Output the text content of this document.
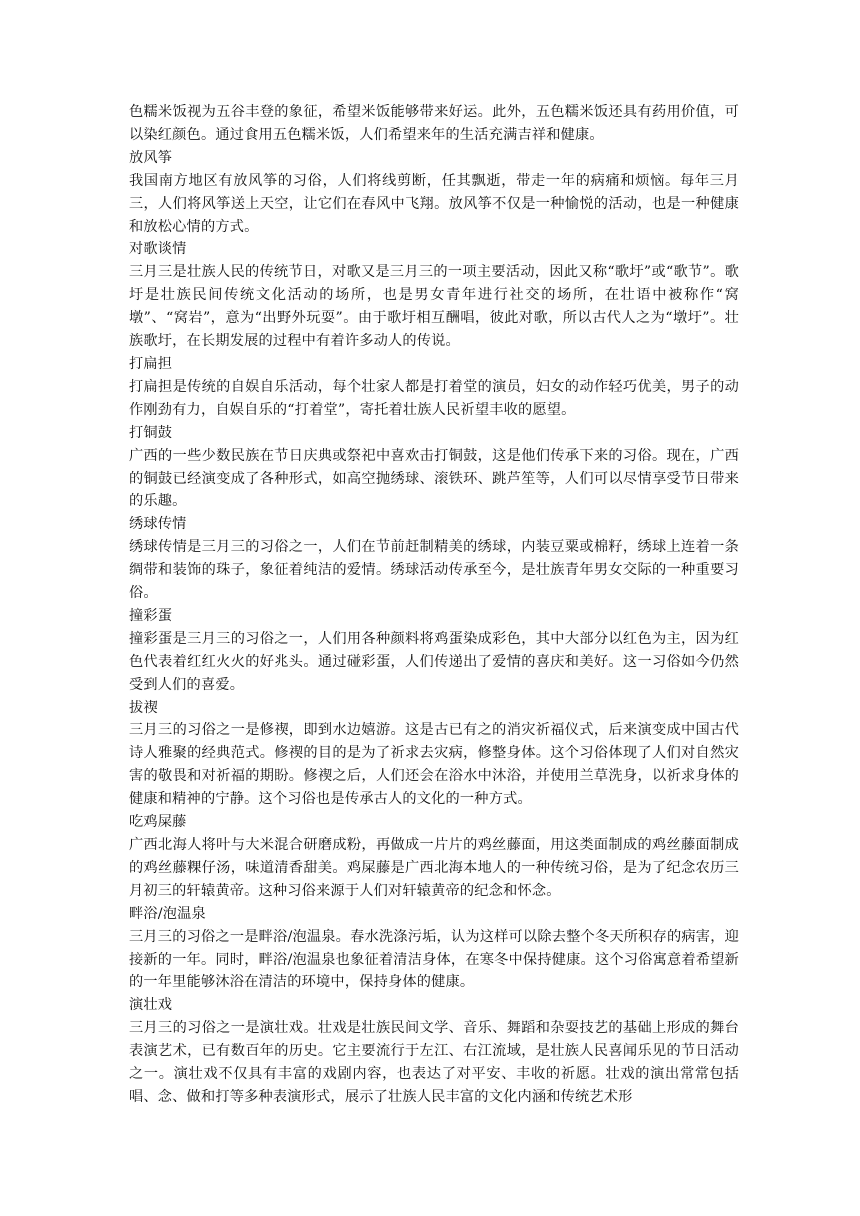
色糯米饭视为五谷丰登的象征，希望米饭能够带来好运。此外，五色糯米饭还具有药用价值，可以染红颜色。通过食用五色糯米饭，人们希望来年的生活充满吉祥和健康。

放风筝

我国南方地区有放风筝的习俗，人们将线剪断，任其飘逝，带走一年的病痛和烦恼。每年三月三，人们将风筝送上天空，让它们在春风中飞翔。放风筝不仅是一种愉悦的活动，也是一种健康和放松心情的方式。

对歌谈情

三月三是壮族人民的传统节日，对歌又是三月三的一项主要活动，因此又称“歌圩”或“歌节”。歌圩是壮族民间传统文化活动的场所，也是男女青年进行社交的场所，在壮语中被称作“窝墩”、“窝岩”，意为“出野外玩耍”。由于歌圩相互酬唱，彼此对歌，所以古代人之为“墩圩”。壮族歌圩，在长期发展的过程中有着许多动人的传说。

打扁担

打扁担是传统的自娱自乐活动，每个壮家人都是打着堂的演员，妇女的动作轻巧优美，男子的动作刚劲有力，自娱自乐的“打着堂”，寄托着壮族人民祈望丰收的愿望。

打铜鼓

广西的一些少数民族在节日庆典或祭祀中喜欢击打铜鼓，这是他们传承下来的习俗。现在，广西的铜鼓已经演变成了各种形式，如高空抛绣球、滚铁环、跳芦笙等，人们可以尽情享受节日带来的乐趣。

绣球传情

绣球传情是三月三的习俗之一，人们在节前赶制精美的绣球，内装豆粟或棉籽，绣球上连着一条绸带和装饰的珠子，象征着纯洁的爱情。绣球活动传承至今，是壮族青年男女交际的一种重要习俗。

撞彩蛋

撞彩蛋是三月三的习俗之一，人们用各种颜料将鸡蛋染成彩色，其中大部分以红色为主，因为红色代表着红红火火的好兆头。通过碰彩蛋，人们传递出了爱情的喜庆和美好。这一习俗如今仍然受到人们的喜爱。

拔禊

三月三的习俗之一是修禊，即到水边嬉游。这是古已有之的消灾祈福仪式，后来演变成中国古代诗人雅聚的经典范式。修禊的目的是为了祈求去灾病，修整身体。这个习俗体现了人们对自然灾害的敬畏和对祈福的期盼。修禊之后，人们还会在浴水中沐浴，并使用兰草洗身，以祈求身体的健康和精神的宁静。这个习俗也是传承古人的文化的一种方式。

吃鸡屎藤

广西北海人将叶与大米混合研磨成粉，再做成一片片的鸡丝藤面，用这类面制成的鸡丝藤面制成的鸡丝藤粿仔汤，味道清香甜美。鸡屎藤是广西北海本地人的一种传统习俗，是为了纪念农历三月初三的轩辕黄帝。这种习俗来源于人们对轩辕黄帝的纪念和怀念。

畔浴/泡温泉

三月三的习俗之一是畔浴/泡温泉。春水洗涤污垢，认为这样可以除去整个冬天所积存的病害，迎接新的一年。同时，畔浴/泡温泉也象征着清洁身体，在寒冬中保持健康。这个习俗寓意着希望新的一年里能够沐浴在清洁的环境中，保持身体的健康。

演壮戏

三月三的习俗之一是演壮戏。壮戏是壮族民间文学、音乐、舞蹈和杂耍技艺的基础上形成的舞台表演艺术，已有数百年的历史。它主要流行于左江、右江流域，是壮族人民喜闻乐见的节日活动之一。演壮戏不仅具有丰富的戏剧内容，也表达了对平安、丰收的祈愿。壮戏的演出常常包括唱、念、做和打等多种表演形式，展示了壮族人民丰富的文化内涵和传统艺术形
